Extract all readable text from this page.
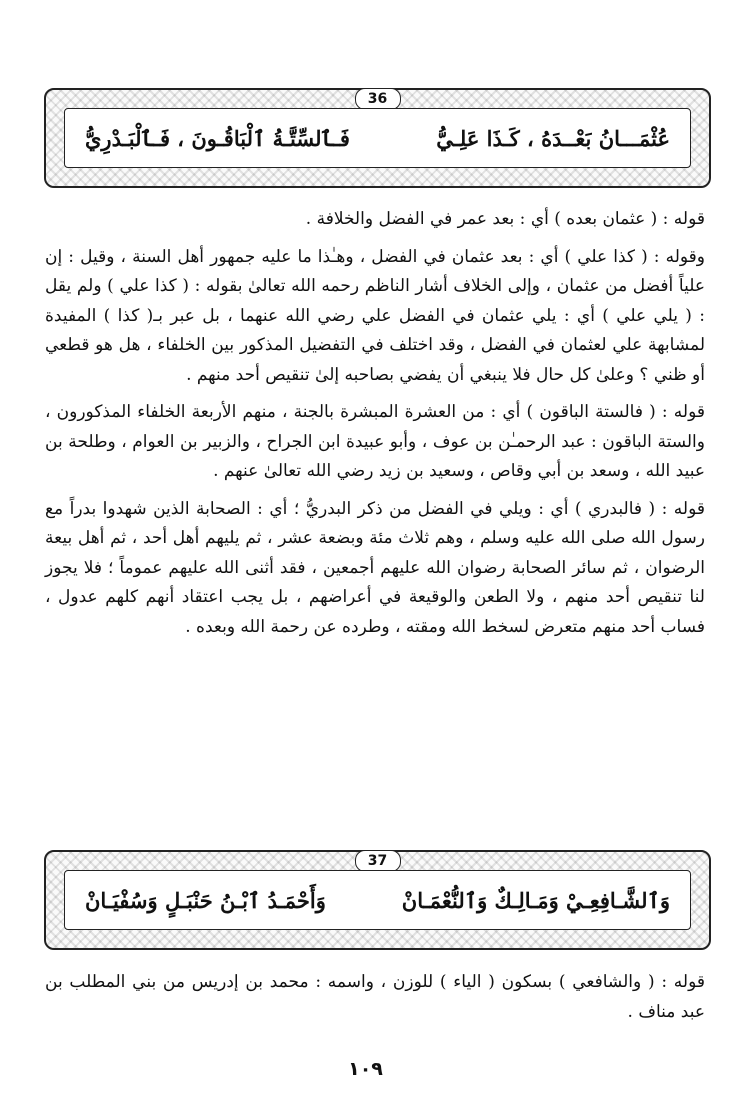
36
عُثْمَـــانُ بَعْــدَهُ ، كَـذَا عَلِـيُّ
فَـٱلسِّتَّـةُ ٱلْبَاقُـونَ ، فَـٱلْبَـدْرِيُّ

قوله : ( عثمان بعده ) أي : بعد عمر في الفضل والخلافة .

وقوله : ( كذا علي ) أي : بعد عثمان في الفضل ، وهـٰذا ما عليه جمهور أهل السنة ، وقيل : إن علياً أفضل من عثمان ، وإلى الخلاف أشار الناظم رحمه الله تعالىٰ بقوله : ( كذا علي ) ولم يقل : ( يلي علي ) أي : يلي عثمان في الفضل علي رضي الله عنهما ، بل عبر بـ( كذا ) المفيدة لمشابهة علي لعثمان في الفضل ، وقد اختلف في التفضيل المذكور بين الخلفاء ، هل هو قطعي أو ظني ؟ وعلىٰ كل حال فلا ينبغي أن يفضي بصاحبه إلىٰ تنقيص أحد منهم .

قوله : ( فالستة الباقون ) أي : من العشرة المبشرة بالجنة ، منهم الأربعة الخلفاء المذكورون ، والستة الباقون : عبد الرحمـٰن بن عوف ، وأبو عبيدة ابن الجراح ، والزبير بن العوام ، وطلحة بن عبيد الله ، وسعد بن أبي وقاص ، وسعيد بن زيد رضي الله تعالىٰ عنهم .

قوله : ( فالبدري ) أي : ويلي في الفضل من ذكر البدريُّ ؛ أي : الصحابة الذين شهدوا بدراً مع رسول الله صلى الله عليه وسلم ، وهم ثلاث مئة وبضعة عشر ، ثم يليهم أهل أحد ، ثم أهل بيعة الرضوان ، ثم سائر الصحابة رضوان الله عليهم أجمعين ، فقد أثنى الله عليهم عموماً ؛ فلا يجوز لنا تنقيص أحد منهم ، ولا الطعن والوقيعة في أعراضهم ، بل يجب اعتقاد أنهم كلهم عدول ، فساب أحد منهم متعرض لسخط الله ومقته ، وطرده عن رحمة الله وبعده .

37
وَٱلشَّـافِعِـيْ وَمَـالِـكٌ وَٱلنُّعْمَـانْ
وَأَحْمَـدُ ٱبْـنُ حَنْبَـلٍ وَسُفْيَـانْ

قوله : ( والشافعي ) بسكون ( الياء ) للوزن ، واسمه : محمد بن إدريس من بني المطلب بن عبد مناف .

١٠٩
